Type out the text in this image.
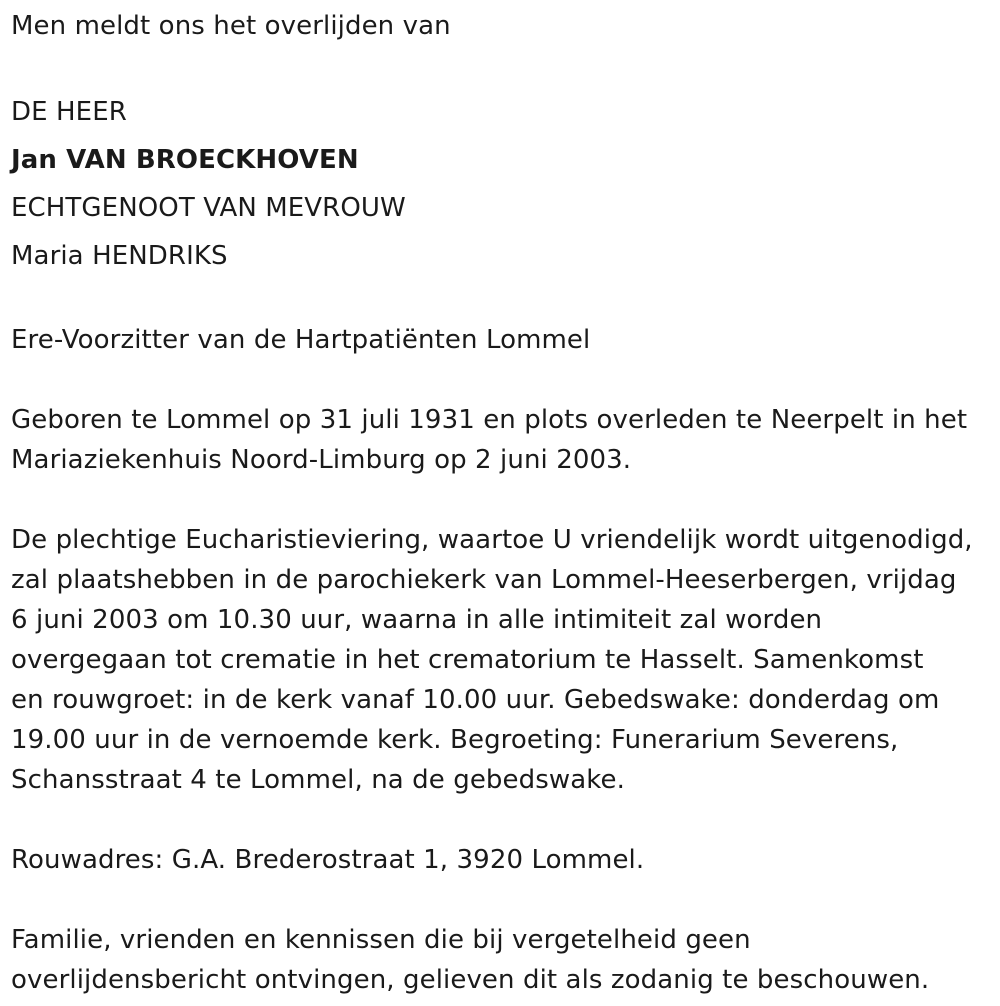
Men meldt ons het overlijden van
DE HEER
Jan VAN BROECKHOVEN
ECHTGENOOT VAN MEVROUW
Maria HENDRIKS
Ere-Voorzitter van de Hartpatiënten Lommel
Geboren te Lommel op 31 juli 1931 en plots overleden te Neerpelt in het
Mariaziekenhuis Noord-Limburg op 2 juni 2003.
De plechtige Eucharistieviering, waartoe U vriendelijk wordt uitgenodigd,
zal plaatshebben in de parochiekerk van Lommel-Heeserbergen, vrijdag
6 juni 2003 om 10.30 uur, waarna in alle intimiteit zal worden
overgegaan tot crematie in het crematorium te Hasselt. Samenkomst
en rouwgroet: in de kerk vanaf 10.00 uur. Gebedswake: donderdag om
19.00 uur in de vernoemde kerk. Begroeting: Funerarium Severens,
Schansstraat 4 te Lommel, na de gebedswake.
Rouwadres: G.A. Brederostraat 1, 3920 Lommel.
Familie, vrienden en kennissen die bij vergetelheid geen
overlijdensbericht ontvingen, gelieven dit als zodanig te beschouwen.
